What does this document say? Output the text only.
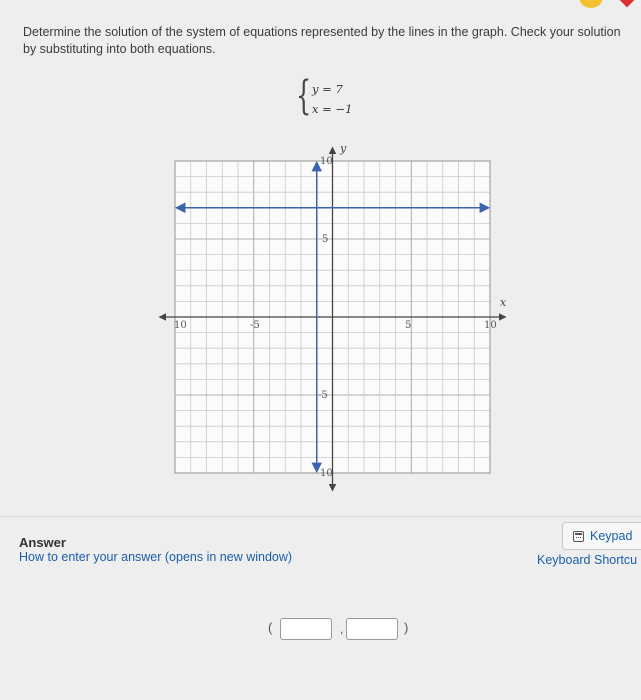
Determine the solution of the system of equations represented by the lines in the graph. Check your solution by substituting into both equations.
{ y = 7
x = −1
10	-5	5	10
10
5
-5
10
x
y
Answer
How to enter your answer (opens in new window)
Keypad
Keyboard Shortcu
(	,	)
